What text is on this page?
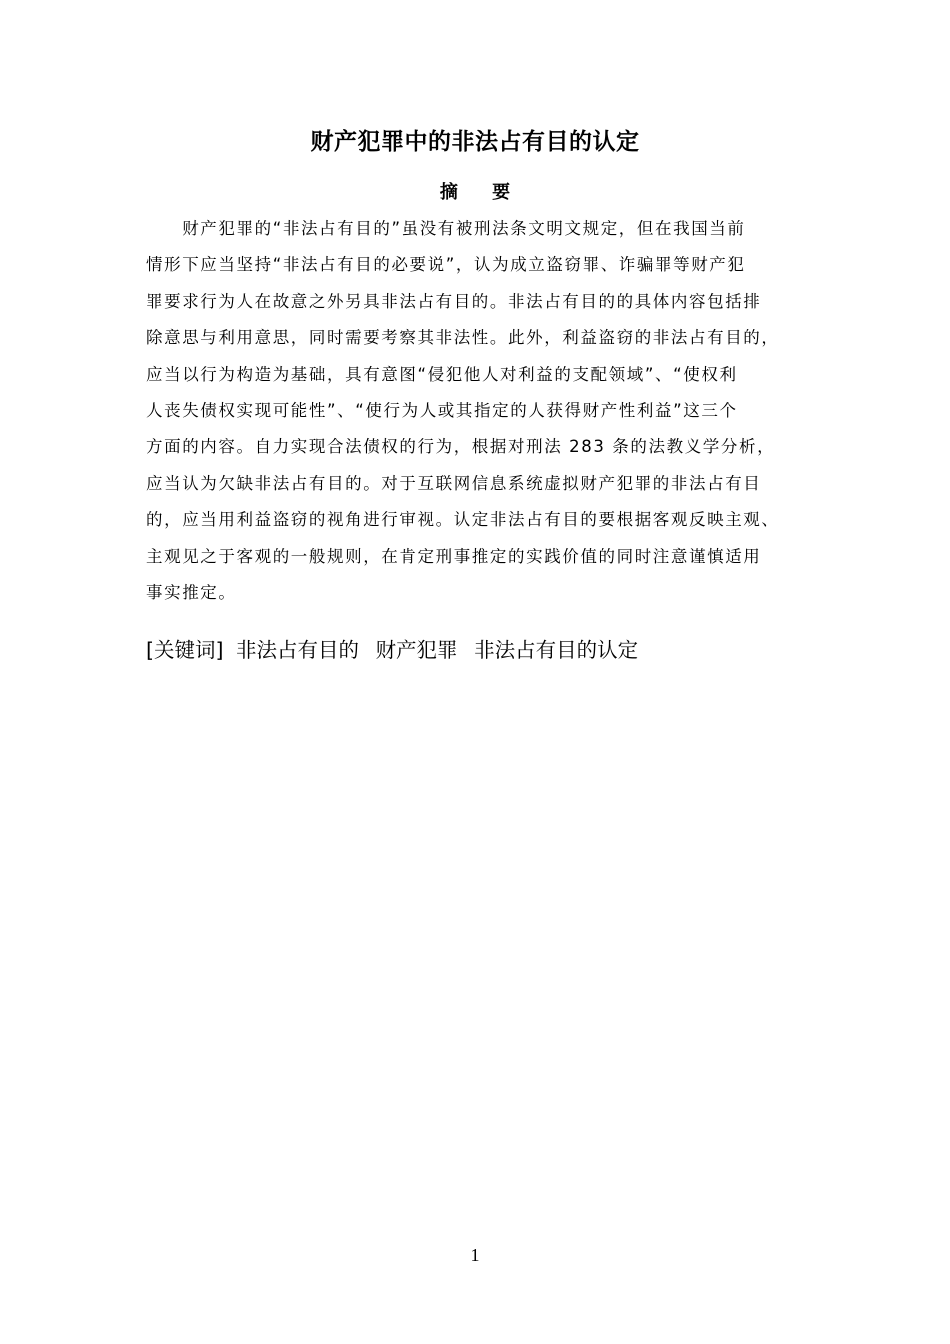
财产犯罪中的非法占有目的认定
摘 要
　　财产犯罪的“非法占有目的”虽没有被刑法条文明文规定，但在我国当前
情形下应当坚持“非法占有目的必要说”，认为成立盗窃罪、诈骗罪等财产犯
罪要求行为人在故意之外另具非法占有目的。非法占有目的的具体内容包括排
除意思与利用意思，同时需要考察其非法性。此外，利益盗窃的非法占有目的，
应当以行为构造为基础，具有意图“侵犯他人对利益的支配领域”、“使权利
人丧失债权实现可能性”、“使行为人或其指定的人获得财产性利益”这三个
方面的内容。自力实现合法债权的行为，根据对刑法 283 条的法教义学分析，
应当认为欠缺非法占有目的。对于互联网信息系统虚拟财产犯罪的非法占有目
的，应当用利益盗窃的视角进行审视。认定非法占有目的要根据客观反映主观、
主观见之于客观的一般规则，在肯定刑事推定的实践价值的同时注意谨慎适用
事实推定。
[关键词] 非法占有目的 财产犯罪 非法占有目的认定
1
